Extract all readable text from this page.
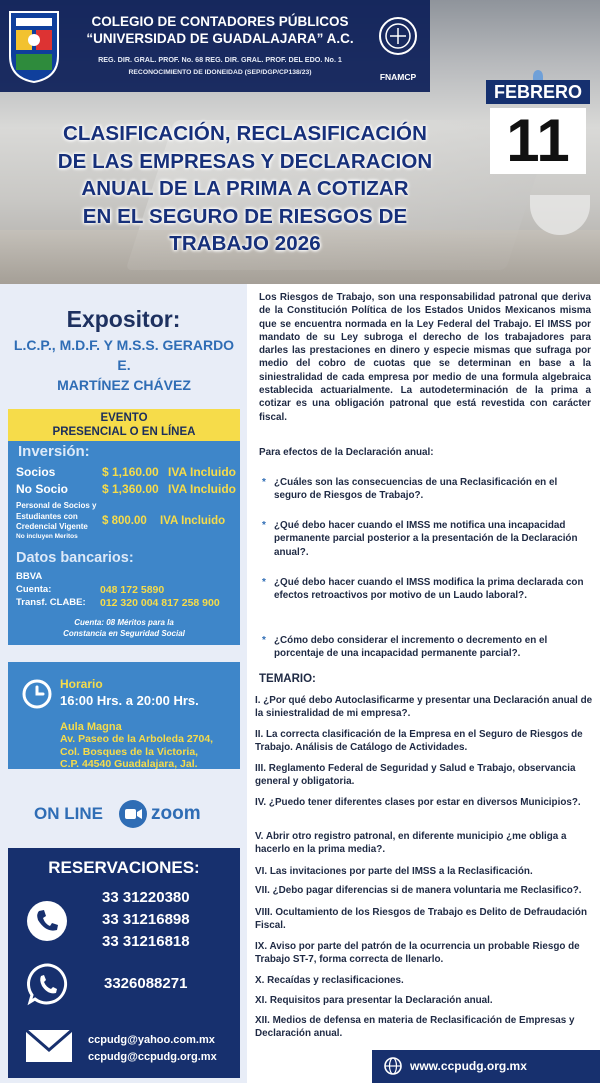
COLEGIO DE CONTADORES PÚBLICOS
“UNIVERSIDAD DE GUADALAJARA” A.C.
REG. DIR. GRAL. PROF. No. 68 REG. DIR. GRAL. PROF. DEL EDO. No. 1
RECONOCIMIENTO DE IDONEIDAD (SEP/DGP/CP138/23)	FNAMCP
FEBRERO
11
CLASIFICACIÓN, RECLASIFICACIÓN
DE LAS EMPRESAS Y DECLARACION
ANUAL DE LA PRIMA A COTIZAR
EN EL SEGURO DE RIESGOS DE
TRABAJO 2026
Expositor:
L.C.P., M.D.F. Y M.S.S. GERARDO E.
MARTÍNEZ CHÁVEZ
EVENTO
PRESENCIAL O EN LÍNEA
Inversión:
Socios	$ 1,160.00 IVA Incluido
No Socio	$ 1,360.00 IVA Incluido
Personal de Socios y Estudiantes con Credencial Vigente
No incluyen Meritos
$ 800.00 IVA Incluido
Datos bancarios:
BBVA
Cuenta:	048 172 5890
Transf. CLABE: 012 320 004 817 258 900
Cuenta: 08 Méritos para la
Constancia en Seguridad Social
Horario
16:00 Hrs. a 20:00 Hrs.
Aula Magna
Av. Paseo de la Arboleda 2704,
Col. Bosques de la Victoria,
C.P. 44540 Guadalajara, Jal.
ON LINE	zoom
RESERVACIONES:
33 31220380
33 31216898
33 31216818
3326088271
ccpudg@yahoo.com.mx
ccpudg@ccpudg.org.mx
Los Riesgos de Trabajo, son una responsabilidad patronal que deriva de la Constitución Política de los Estados Unidos Mexicanos misma que se encuentra normada en la Ley Federal del Trabajo. El IMSS por mandato de su Ley subroga el derecho de los trabajadores para darles las prestaciones en dinero y especie mismas que sufraga por medio del cobro de cuotas que se determinan en base a la siniestralidad de cada empresa por medio de una formula algebraica establecida actuarialmente. La autodeterminación de la prima a cotizar es una obligación patronal que está revestida con carácter fiscal.
Para efectos de la Declaración anual:
* ¿Cuáles son las consecuencias de una Reclasificación en el seguro de Riesgos de Trabajo?.
* ¿Qué debo hacer cuando el IMSS me notifica una incapacidad permanente parcial posterior a la presentación de la Declaración anual?.
* ¿Qué debo hacer cuando el IMSS modifica la prima declarada con efectos retroactivos por motivo de un Laudo laboral?.
* ¿Cómo debo considerar el incremento o decremento en el porcentaje de una incapacidad permanente parcial?.
TEMARIO:
I. ¿Por qué debo Autoclasificarme y presentar una Declaración anual de la siniestralidad de mi empresa?.
II. La correcta clasificación de la Empresa en el Seguro de Riesgos de Trabajo. Análisis de Catálogo de Actividades.
III. Reglamento Federal de Seguridad y Salud e Trabajo, observancia general y obligatoria.
IV. ¿Puedo tener diferentes clases por estar en diversos Municipios?.
V. Abrir otro registro patronal, en diferente municipio ¿me obliga a hacerlo en la prima media?.
VI. Las invitaciones por parte del IMSS a la Reclasificación.
VII. ¿Debo pagar diferencias si de manera voluntaria me Reclasifico?.
VIII. Ocultamiento de los Riesgos de Trabajo es Delito de Defraudación Fiscal.
IX. Aviso por parte del patrón de la ocurrencia un probable Riesgo de Trabajo ST-7, forma correcta de llenarlo.
X. Recaídas y reclasificaciones.
XI. Requisitos para presentar la Declaración anual.
XII. Medios de defensa en materia de Reclasificación de Empresas y Declaración anual.
www.ccpudg.org.mx
